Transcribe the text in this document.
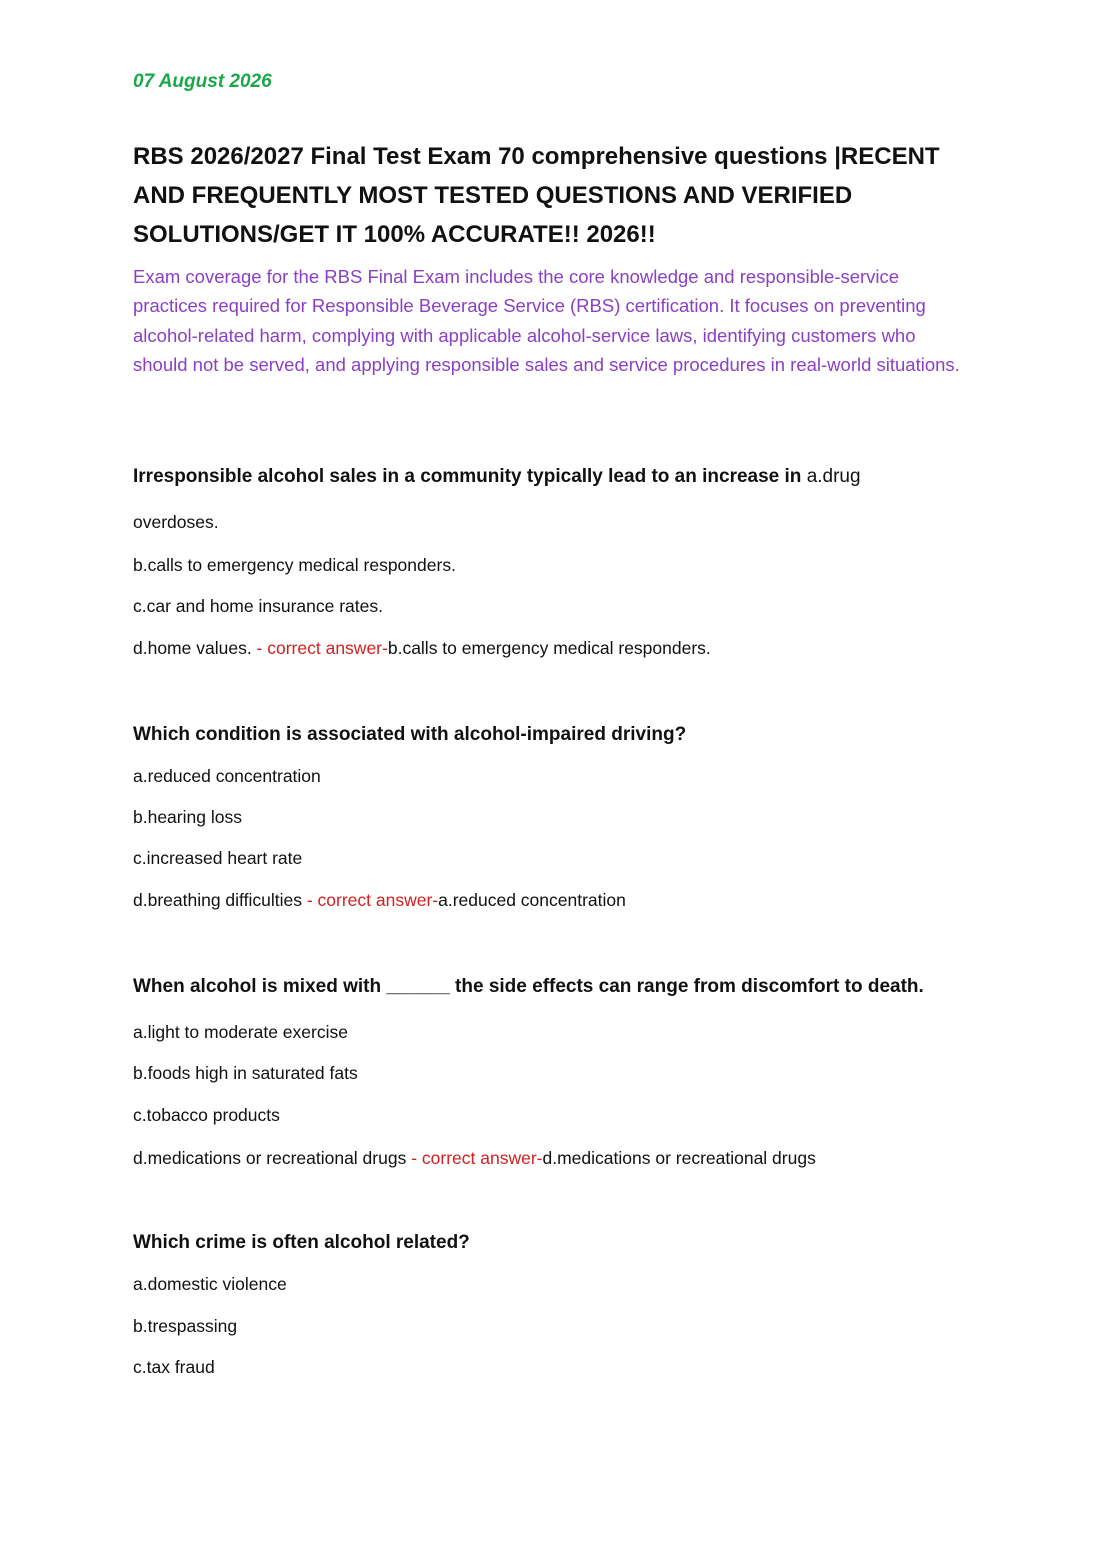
07 August 2026
RBS 2026/2027 Final Test Exam 70 comprehensive questions |RECENT AND FREQUENTLY MOST TESTED QUESTIONS AND VERIFIED SOLUTIONS/GET IT 100% ACCURATE!! 2026!!

Exam coverage for the RBS Final Exam includes the core knowledge and responsible-service practices required for Responsible Beverage Service (RBS) certification. It focuses on preventing alcohol-related harm, complying with applicable alcohol-service laws, identifying customers who should not be served, and applying responsible sales and service procedures in real-world situations.

Irresponsible alcohol sales in a community typically lead to an increase in a.drug
overdoses.
b.calls to emergency medical responders.
c.car and home insurance rates.
d.home values. - correct answer-b.calls to emergency medical responders.
Which condition is associated with alcohol-impaired driving?
a.reduced concentration
b.hearing loss
c.increased heart rate
d.breathing difficulties - correct answer-a.reduced concentration
When alcohol is mixed with ______ the side effects can range from discomfort to death.
a.light to moderate exercise
b.foods high in saturated fats
c.tobacco products
d.medications or recreational drugs - correct answer-d.medications or recreational drugs
Which crime is often alcohol related?
a.domestic violence
b.trespassing
c.tax fraud
